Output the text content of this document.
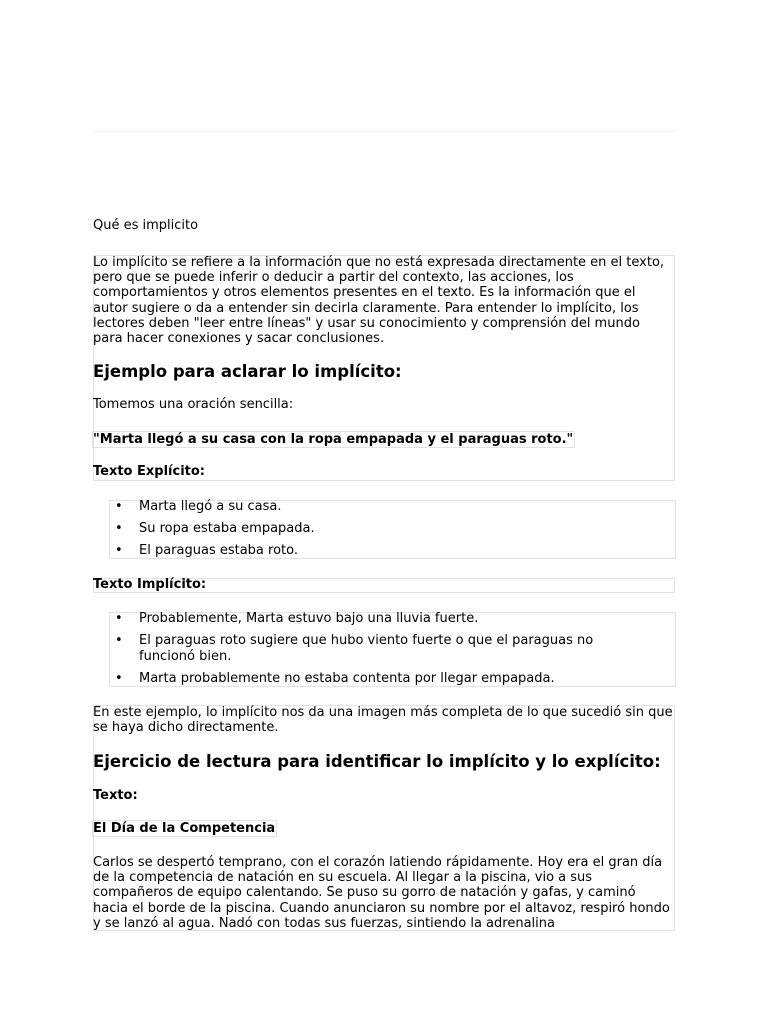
Qué es implicito

Lo implícito se refiere a la información que no está expresada directamente en el texto, pero que se puede inferir o deducir a partir del contexto, las acciones, los comportamientos y otros elementos presentes en el texto. Es la información que el autor sugiere o da a entender sin decirla claramente. Para entender lo implícito, los lectores deben "leer entre líneas" y usar su conocimiento y comprensión del mundo para hacer conexiones y sacar conclusiones.

Ejemplo para aclarar lo implícito:
Tomemos una oración sencilla:
"Marta llegó a su casa con la ropa empapada y el paraguas roto."
Texto Explícito:
• Marta llegó a su casa.
• Su ropa estaba empapada.
• El paraguas estaba roto.
Texto Implícito:
• Probablemente, Marta estuvo bajo una lluvia fuerte.
• El paraguas roto sugiere que hubo viento fuerte o que el paraguas no funcionó bien.
• Marta probablemente no estaba contenta por llegar empapada.

En este ejemplo, lo implícito nos da una imagen más completa de lo que sucedió sin que se haya dicho directamente.

Ejercicio de lectura para identificar lo implícito y lo explícito:
Texto:
El Día de la Competencia

Carlos se despertó temprano, con el corazón latiendo rápidamente. Hoy era el gran día de la competencia de natación en su escuela. Al llegar a la piscina, vio a sus compañeros de equipo calentando. Se puso su gorro de natación y gafas, y caminó hacia el borde de la piscina. Cuando anunciaron su nombre por el altavoz, respiró hondo y se lanzó al agua. Nadó con todas sus fuerzas, sintiendo la adrenalina
